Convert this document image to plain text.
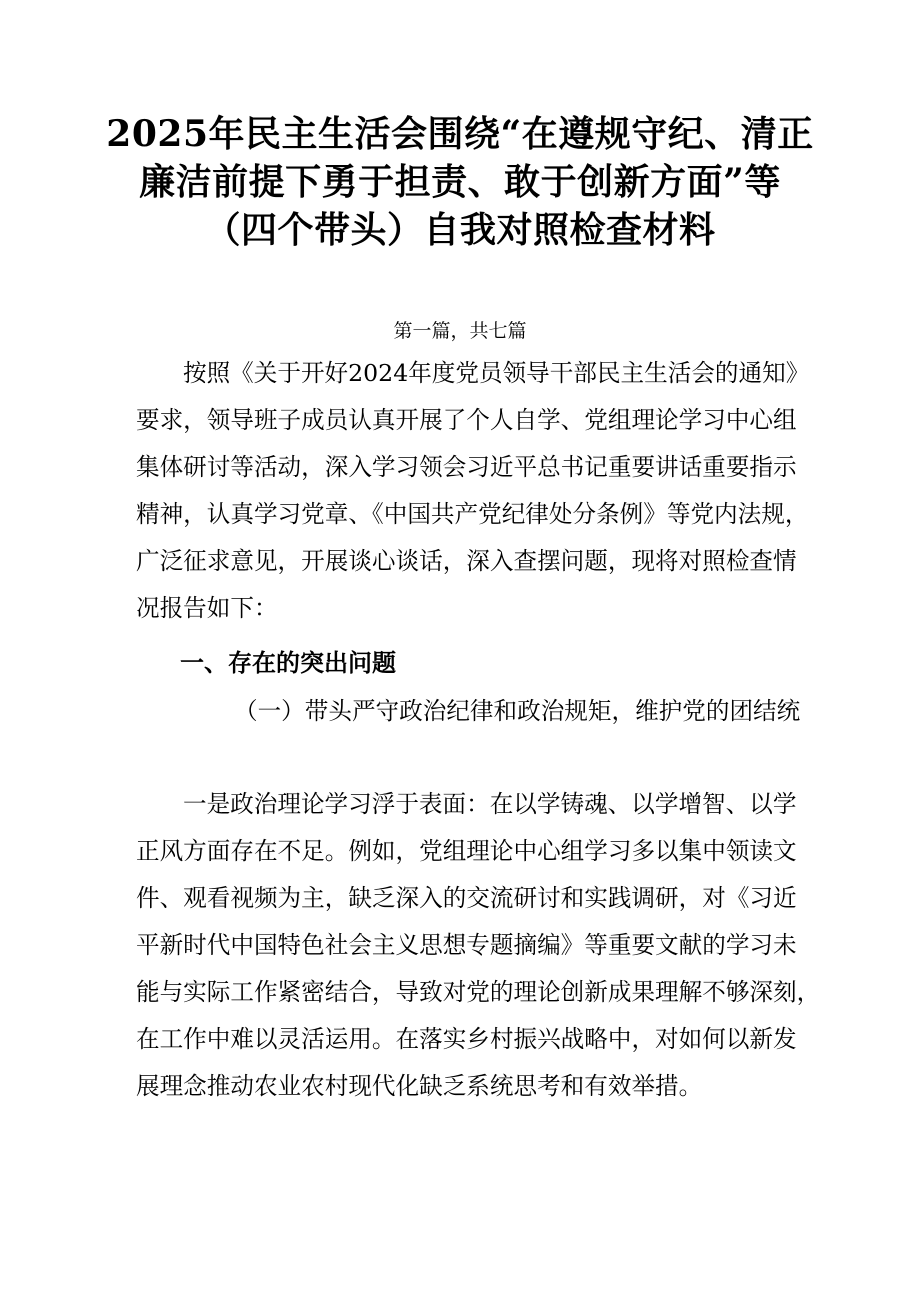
2025年民主生活会围绕“在遵规守纪、清正
廉洁前提下勇于担责、敢于创新方面”等
（四个带头）自我对照检查材料
第一篇，共七篇
按照《关于开好2024年度党员领导干部民主生活会的通知》
要求，领导班子成员认真开展了个人自学、党组理论学习中心组
集体研讨等活动，深入学习领会习近平总书记重要讲话重要指示
精神，认真学习党章、《中国共产党纪律处分条例》等党内法规，
广泛征求意见，开展谈心谈话，深入查摆问题，现将对照检查情
况报告如下：
一、存在的突出问题
（一）带头严守政治纪律和政治规矩，维护党的团结统
一是政治理论学习浮于表面：在以学铸魂、以学增智、以学
正风方面存在不足。例如，党组理论中心组学习多以集中领读文
件、观看视频为主，缺乏深入的交流研讨和实践调研，对《习近
平新时代中国特色社会主义思想专题摘编》等重要文献的学习未
能与实际工作紧密结合，导致对党的理论创新成果理解不够深刻，
在工作中难以灵活运用。在落实乡村振兴战略中，对如何以新发
展理念推动农业农村现代化缺乏系统思考和有效举措。
